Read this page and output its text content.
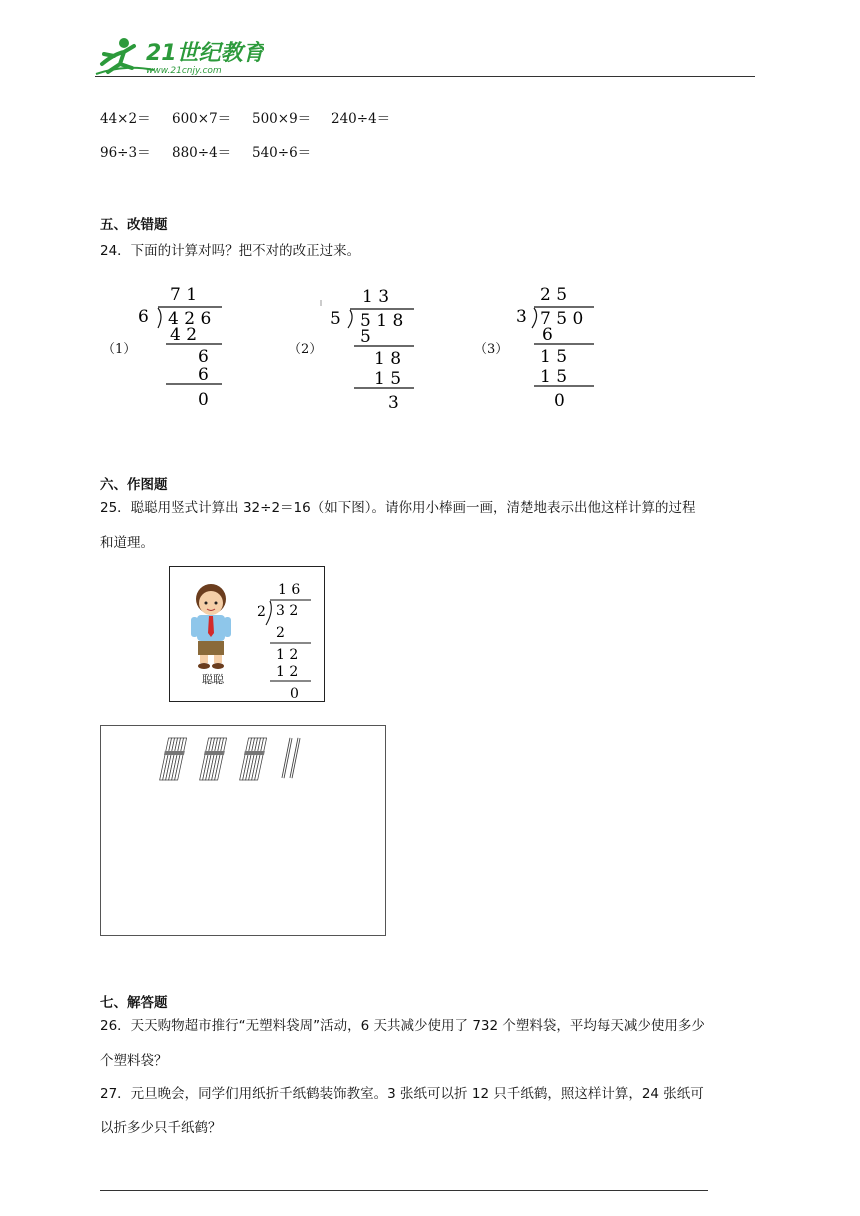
21世纪教育
www.21cnjy.com
44×2＝ 600×7＝ 500×9＝ 240÷4＝
96÷3＝ 880÷4＝ 540÷6＝
五、改错题
24．下面的计算对吗？把不对的改正过来。
（1）
7 1
6 4 2 6
4 2
6
6
0
（2）
1 3
5 5 1 8
5
1 8
1 5
3
（3）
2 5
3 7 5 0
6
1 5
1 5
0
六、作图题
25．聪聪用竖式计算出 32÷2＝16（如下图）。请你用小棒画一画，清楚地表示出他这样计算的过程
和道理。
聪聪
1 6
2 3 2
2
1 2
1 2
0
七、解答题
26．天天购物超市推行“无塑料袋周”活动，6 天共减少使用了 732 个塑料袋，平均每天减少使用多少
个塑料袋？
27．元旦晚会，同学们用纸折千纸鹤装饰教室。3 张纸可以折 12 只千纸鹤，照这样计算，24 张纸可
以折多少只千纸鹤？
